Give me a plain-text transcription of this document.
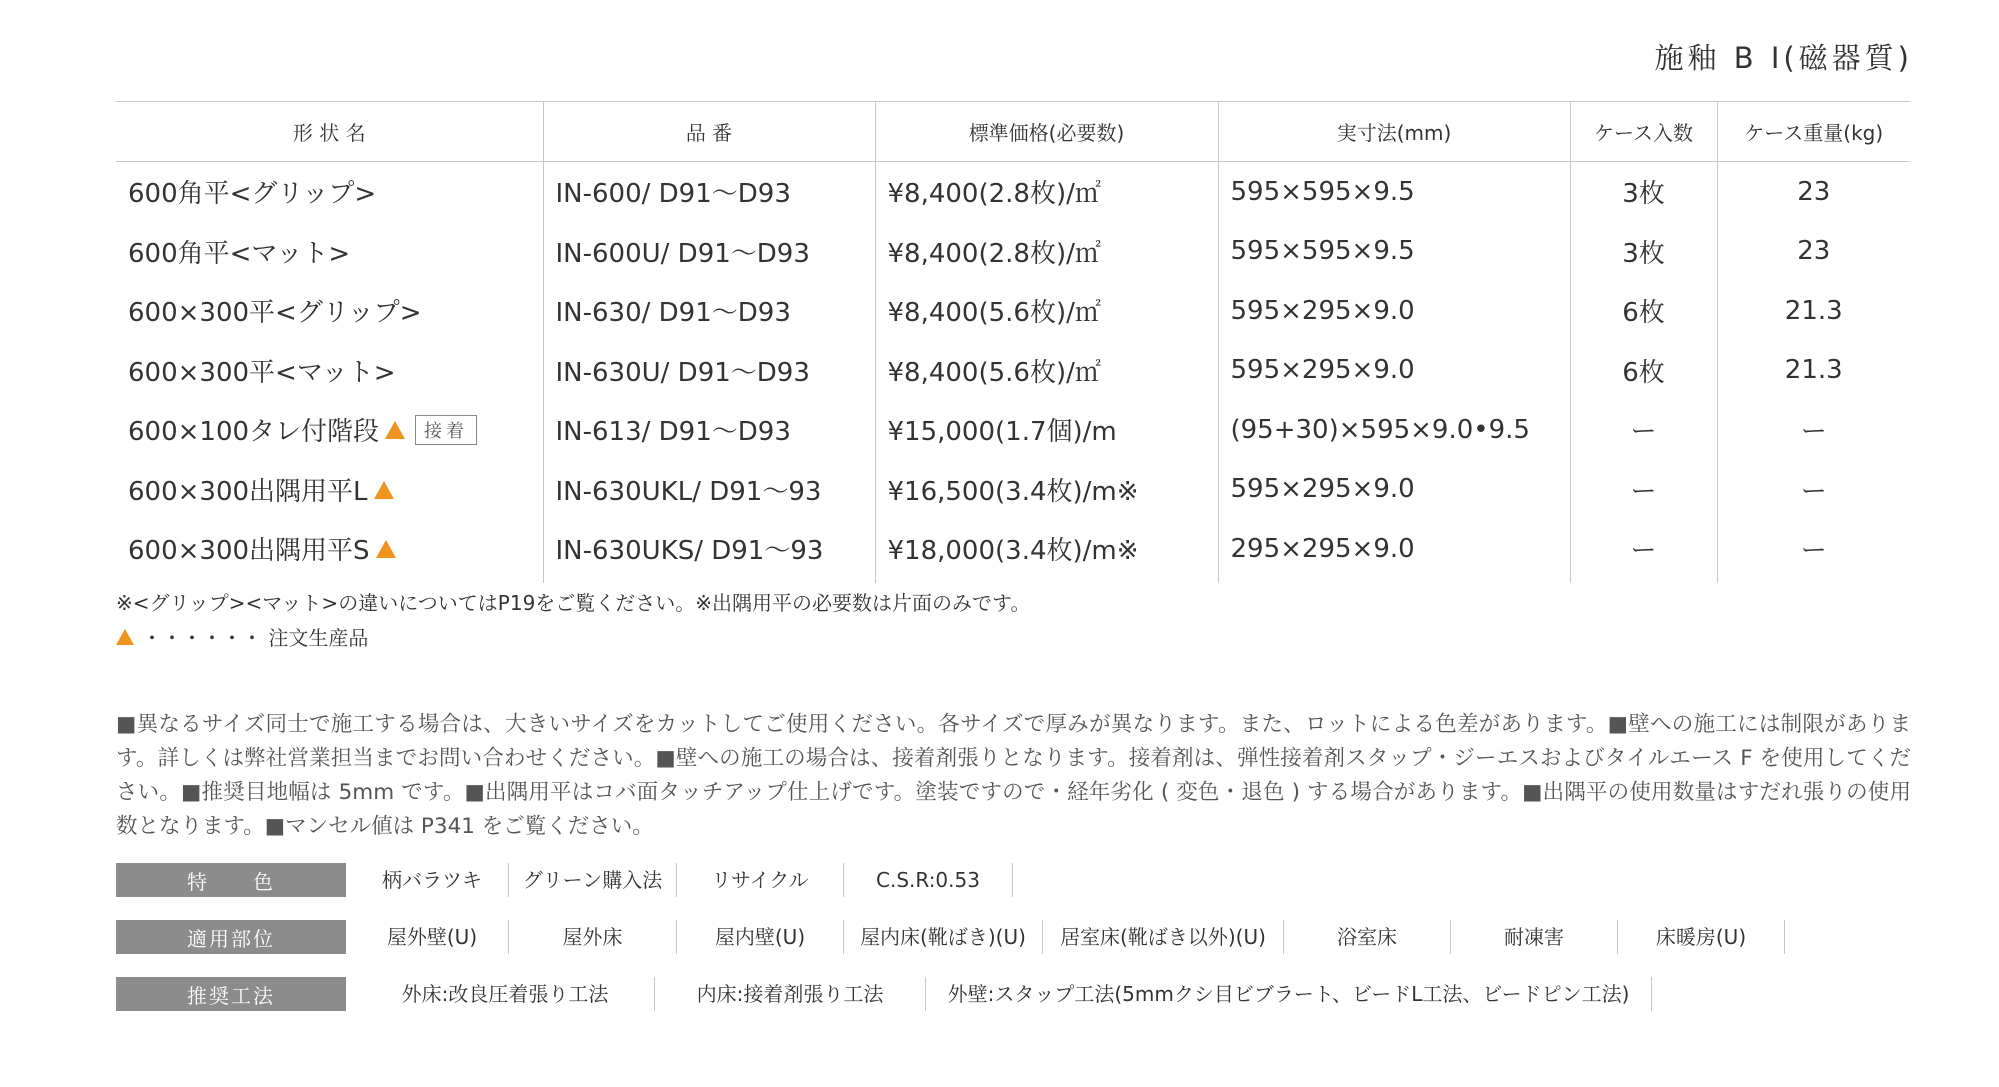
施釉 B I(磁器質)
形 状 名	品 番	標準価格(必要数)	実寸法(mm)	ケース入数	ケース重量(kg)
600角平<グリップ>	IN-600/ D91〜D93	¥8,400(2.8枚)/㎡	595×595×9.5	3枚	23
600角平<マット>	IN-600U/ D91〜D93	¥8,400(2.8枚)/㎡	595×595×9.5	3枚	23
600×300平<グリップ>	IN-630/ D91〜D93	¥8,400(5.6枚)/㎡	595×295×9.0	6枚	21.3
600×300平<マット>	IN-630U/ D91〜D93	¥8,400(5.6枚)/㎡	595×295×9.0	6枚	21.3
600×100タレ付階段 接着	IN-613/ D91〜D93	¥15,000(1.7個)/m	(95+30)×595×9.0•9.5	ー	ー
600×300出隅用平L	IN-630UKL/ D91〜93	¥16,500(3.4枚)/m※	595×295×9.0	ー	ー
600×300出隅用平S	IN-630UKS/ D91〜93	¥18,000(3.4枚)/m※	295×295×9.0	ー	ー
※<グリップ><マット>の違いについてはP19をご覧ください。※出隅用平の必要数は片面のみです。
・・・・・・ 注文生産品
■異なるサイズ同士で施工する場合は、大きいサイズをカットしてご使用ください。各サイズで厚みが異なります。また、ロットによる色差があります。■壁への施工には制限があります。詳しくは弊社営業担当までお問い合わせください。■壁への施工の場合は、接着剤張りとなります。接着剤は、弾性接着剤スタップ・ジーエスおよびタイルエース F を使用してください。■推奨目地幅は 5mm です。■出隅用平はコバ面タッチアップ仕上げです。塗装ですので・経年劣化 ( 変色・退色 ) する場合があります。■出隅平の使用数量はすだれ張りの使用数となります。■マンセル値は P341 をご覧ください。
特　　色	柄バラツキ	グリーン購入法	リサイクル	C.S.R:0.53
適用部位	屋外壁(U)	屋外床	屋内壁(U)	屋内床(靴ばき)(U)	居室床(靴ばき以外)(U)	浴室床	耐凍害	床暖房(U)
推奨工法	外床:改良圧着張り工法	内床:接着剤張り工法	外壁:スタップ工法(5mmクシ目ビブラート、ビードL工法、ビードピン工法)
